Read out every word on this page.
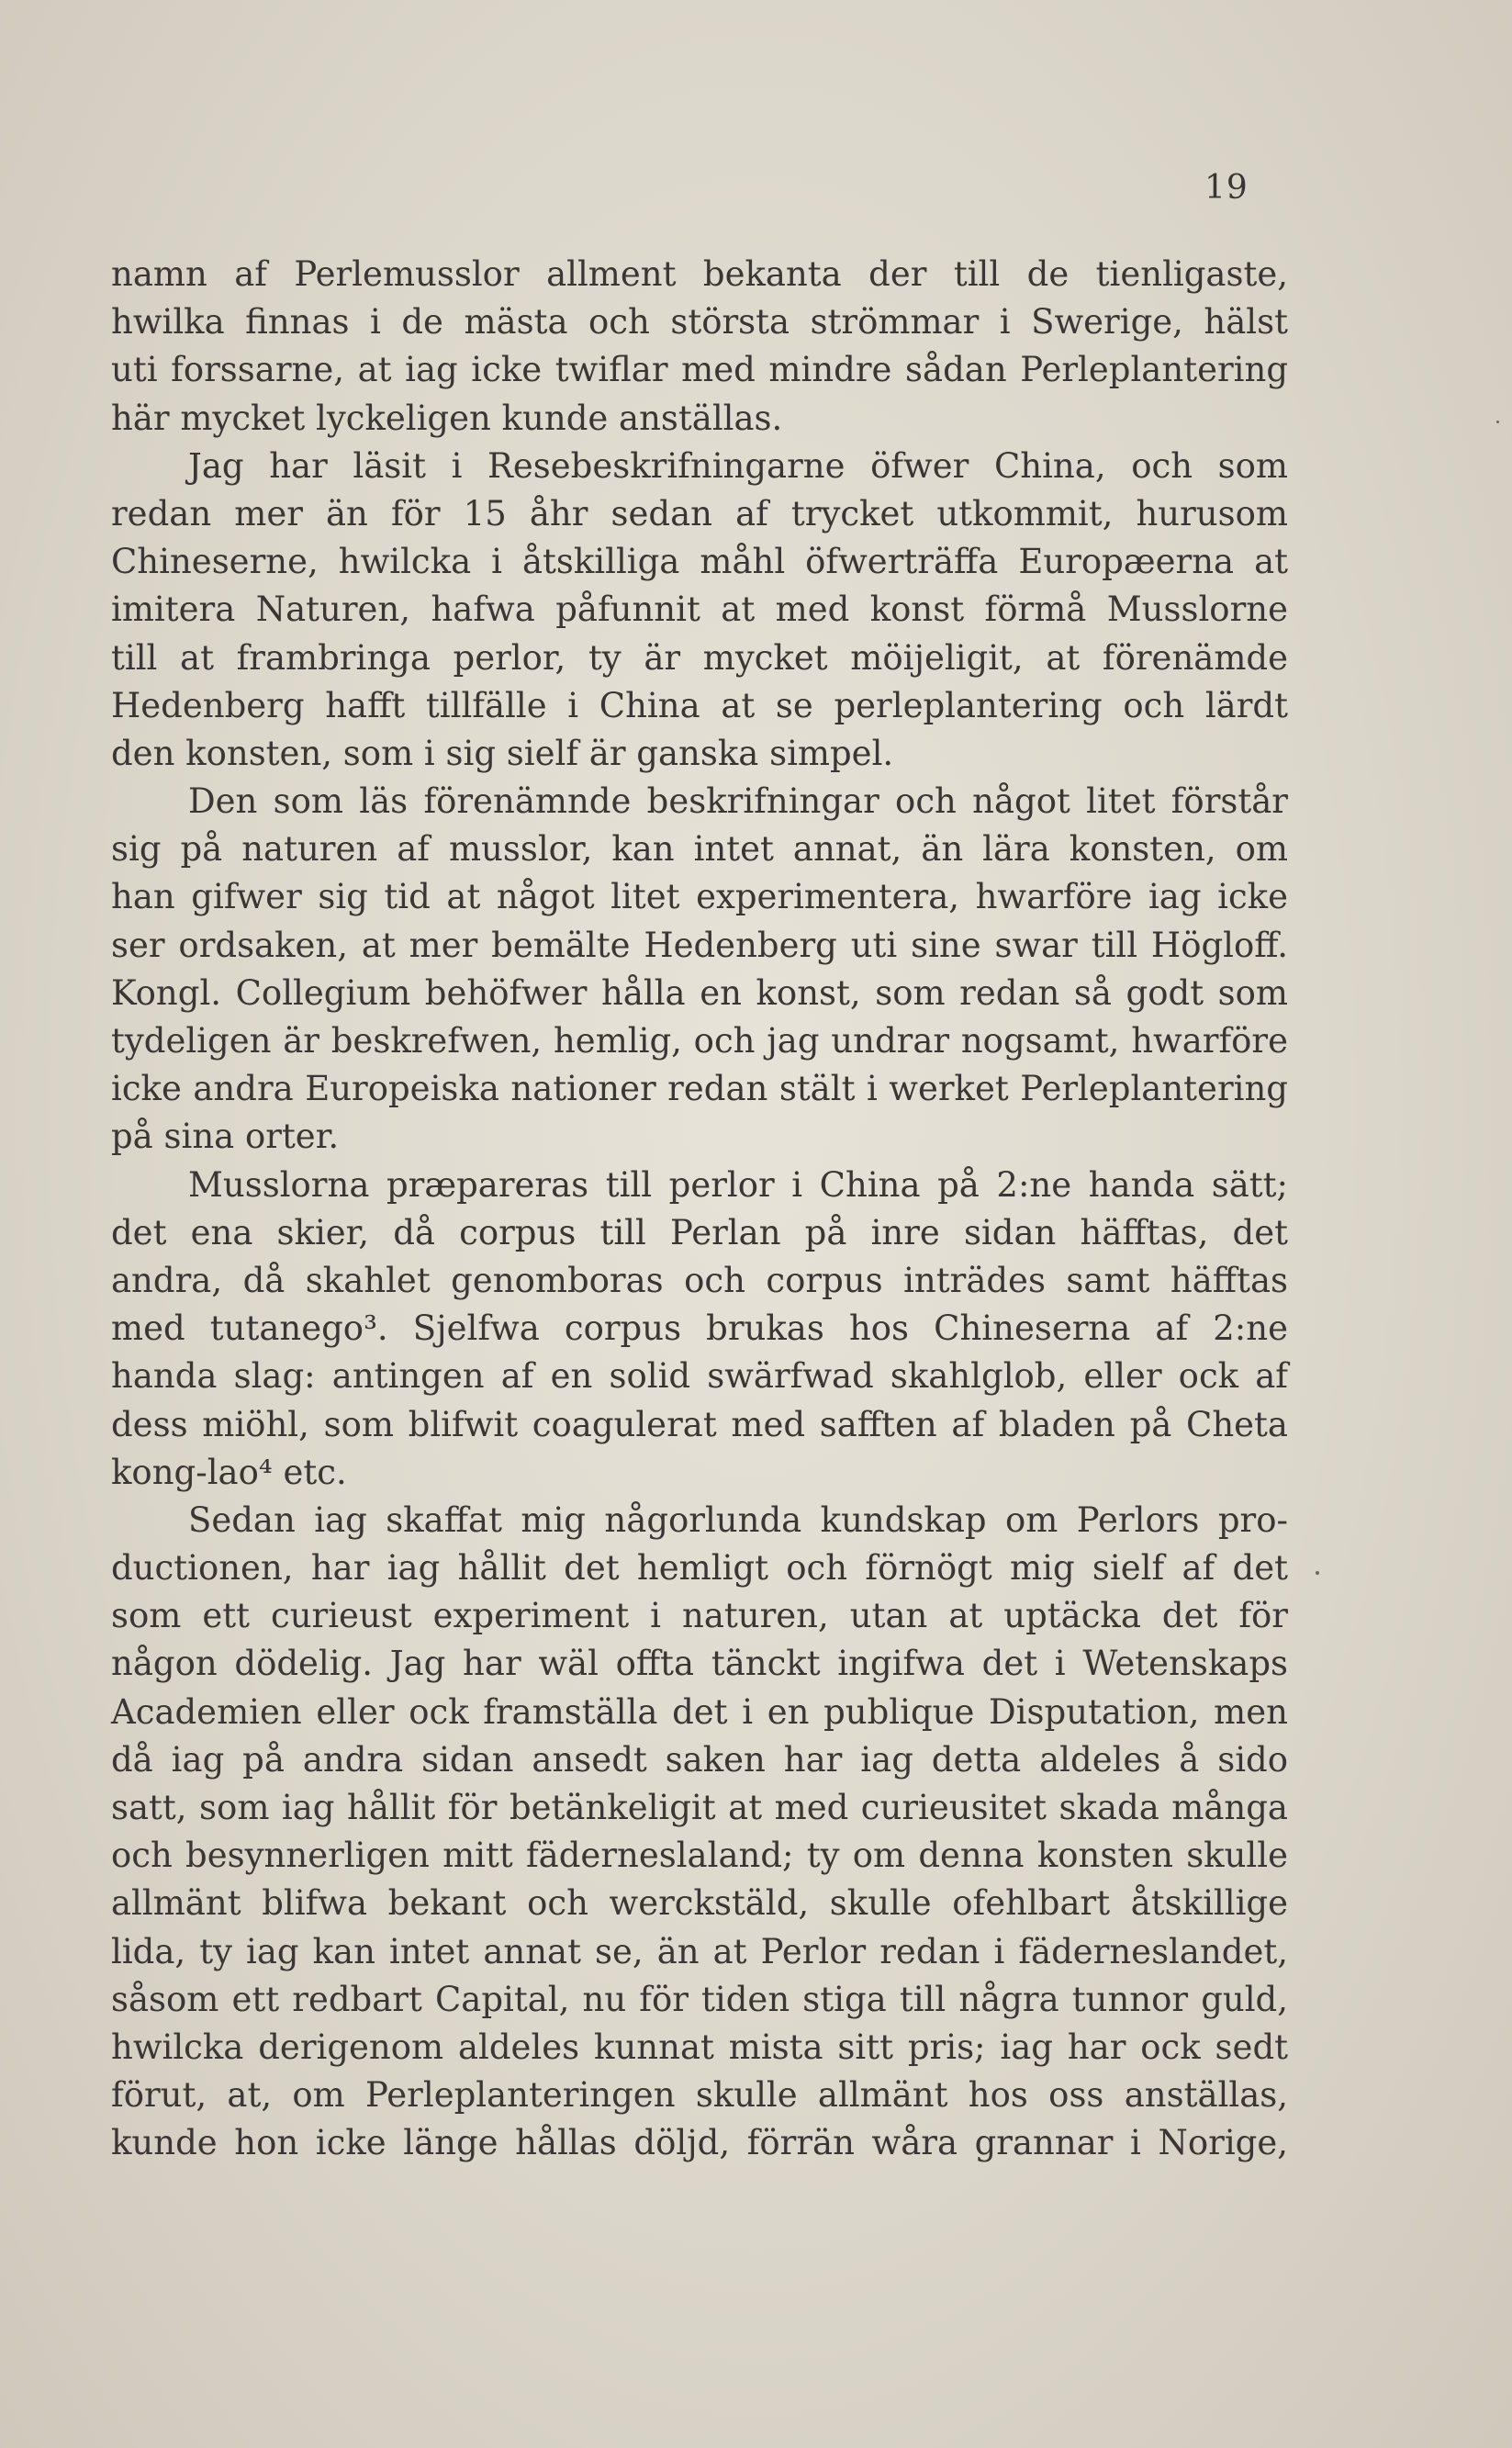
19
namn af Perlemusslor allment bekanta der till de tienligaste,
hwilka finnas i de mästa och största strömmar i Swerige, hälst
uti forssarne, at iag icke twiflar med mindre sådan Perleplantering
här mycket lyckeligen kunde anställas.
Jag har läsit i Resebeskrifningarne öfwer China, och som
redan mer än för 15 åhr sedan af trycket utkommit, hurusom
Chineserne, hwilcka i åtskilliga måhl öfwerträffa Europæerna at
imitera Naturen, hafwa påfunnit at med konst förmå Musslorne
till at frambringa perlor, ty är mycket möijeligit, at förenämde
Hedenberg hafft tillfälle i China at se perleplantering och lärdt
den konsten, som i sig sielf är ganska simpel.
Den som läs förenämnde beskrifningar och något litet förstår
sig på naturen af musslor, kan intet annat, än lära konsten, om
han gifwer sig tid at något litet experimentera, hwarföre iag icke
ser ordsaken, at mer bemälte Hedenberg uti sine swar till Högloff.
Kongl. Collegium behöfwer hålla en konst, som redan så godt som
tydeligen är beskrefwen, hemlig, och jag undrar nogsamt, hwarföre
icke andra Europeiska nationer redan stält i werket Perleplantering
på sina orter.
Musslorna præpareras till perlor i China på 2:ne handa sätt;
det ena skier, då corpus till Perlan på inre sidan häfftas, det
andra, då skahlet genomboras och corpus inträdes samt häfftas
med tutanego³. Sjelfwa corpus brukas hos Chineserna af 2:ne
handa slag: antingen af en solid swärfwad skahlglob, eller ock af
dess miöhl, som blifwit coagulerat med safften af bladen på Cheta
kong-lao⁴ etc.
Sedan iag skaffat mig någorlunda kundskap om Perlors pro-
ductionen, har iag hållit det hemligt och förnögt mig sielf af det
som ett curieust experiment i naturen, utan at uptäcka det för
någon dödelig. Jag har wäl offta tänckt ingifwa det i Wetenskaps
Academien eller ock framställa det i en publique Disputation, men
då iag på andra sidan ansedt saken har iag detta aldeles å sido
satt, som iag hållit för betänkeligit at med curieusitet skada många
och besynnerligen mitt fäderneslaland; ty om denna konsten skulle
allmänt blifwa bekant och werckstäld, skulle ofehlbart åtskillige
lida, ty iag kan intet annat se, än at Perlor redan i fäderneslandet,
såsom ett redbart Capital, nu för tiden stiga till några tunnor guld,
hwilcka derigenom aldeles kunnat mista sitt pris; iag har ock sedt
förut, at, om Perleplanteringen skulle allmänt hos oss anställas,
kunde hon icke länge hållas döljd, förrän wåra grannar i Norige,
